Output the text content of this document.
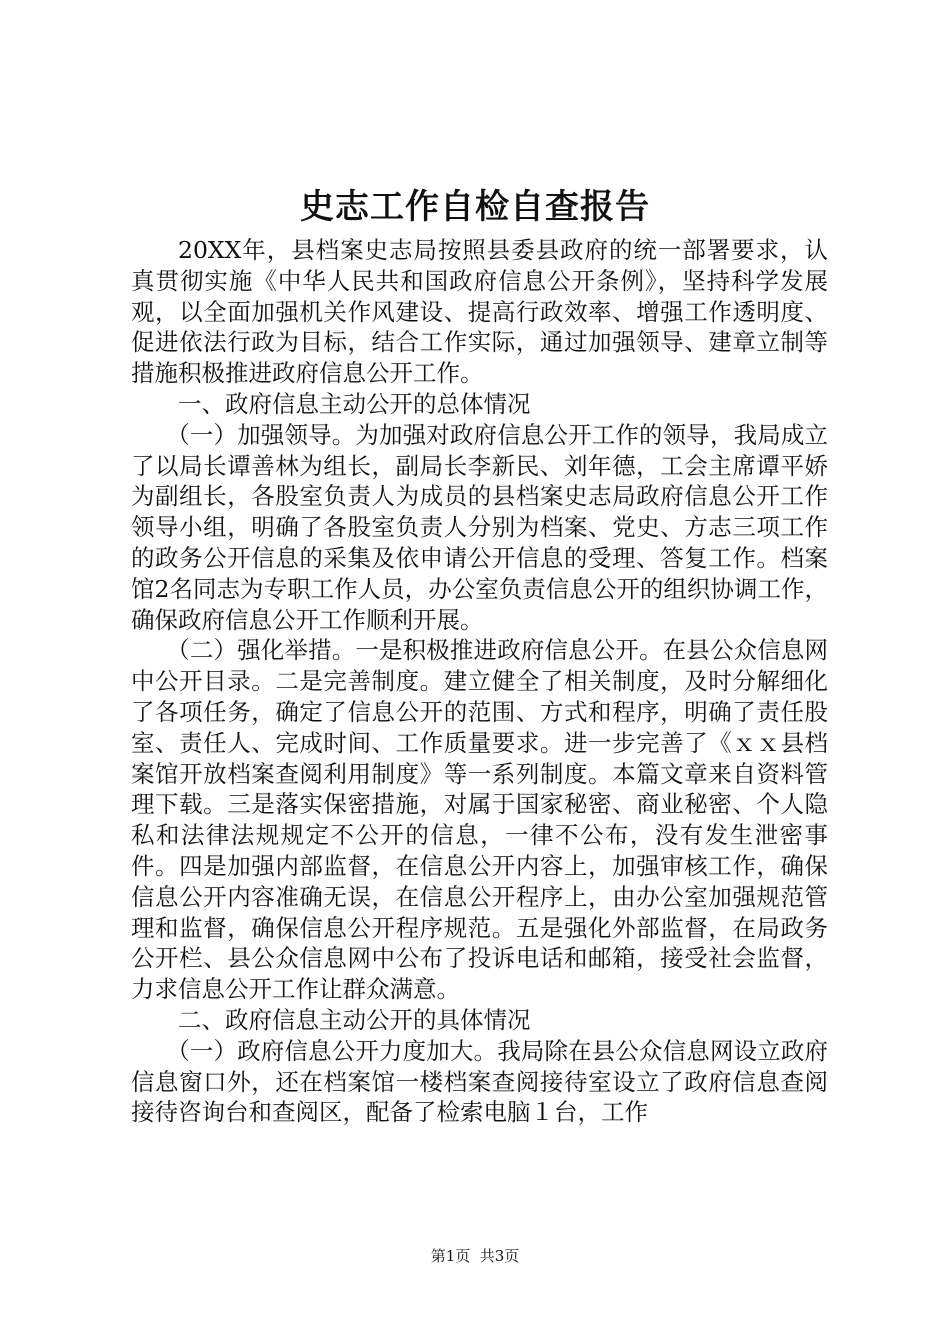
史志工作自检自查报告

20XX年，县档案史志局按照县委县政府的统一部署要求，认真贯彻实施《中华人民共和国政府信息公开条例》，坚持科学发展观，以全面加强机关作风建设、提高行政效率、增强工作透明度、促进依法行政为目标，结合工作实际，通过加强领导、建章立制等措施积极推进政府信息公开工作。

一、政府信息主动公开的总体情况

（一）加强领导。为加强对政府信息公开工作的领导，我局成立了以局长谭善林为组长，副局长李新民、刘年德，工会主席谭平娇为副组长，各股室负责人为成员的县档案史志局政府信息公开工作领导小组，明确了各股室负责人分别为档案、党史、方志三项工作的政务公开信息的采集及依申请公开信息的受理、答复工作。档案馆2名同志为专职工作人员，办公室负责信息公开的组织协调工作，确保政府信息公开工作顺利开展。

（二）强化举措。一是积极推进政府信息公开。在县公众信息网中公开目录。二是完善制度。建立健全了相关制度，及时分解细化了各项任务，确定了信息公开的范围、方式和程序，明确了责任股室、责任人、完成时间、工作质量要求。进一步完善了《ｘｘ县档案馆开放档案查阅利用制度》等一系列制度。本篇文章来自资料管理下载。三是落实保密措施，对属于国家秘密、商业秘密、个人隐私和法律法规规定不公开的信息，一律不公布，没有发生泄密事件。四是加强内部监督，在信息公开内容上，加强审核工作，确保信息公开内容准确无误，在信息公开程序上，由办公室加强规范管理和监督，确保信息公开程序规范。五是强化外部监督，在局政务公开栏、县公众信息网中公布了投诉电话和邮箱，接受社会监督，力求信息公开工作让群众满意。

二、政府信息主动公开的具体情况

（一）政府信息公开力度加大。我局除在县公众信息网设立政府信息窗口外，还在档案馆一楼档案查阅接待室设立了政府信息查阅接待咨询台和查阅区，配备了检索电脑１台，工作

第1页  共3页
